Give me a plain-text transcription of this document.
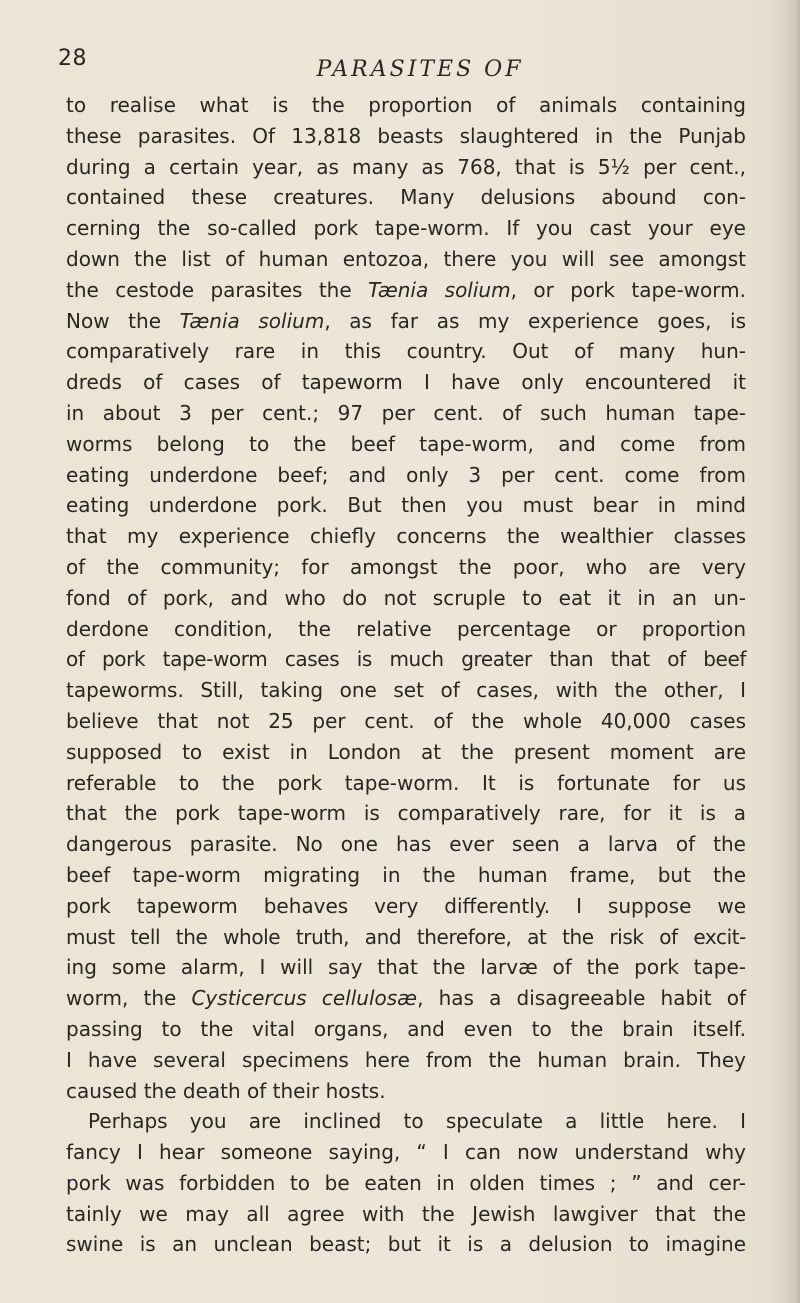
28	PARASITES OF
to realise what is the proportion of animals containing
these parasites. Of 13,818 beasts slaughtered in the Punjab
during a certain year, as many as 768, that is 5½ per cent.,
contained these creatures. Many delusions abound con-
cerning the so-called pork tape-worm. If you cast your eye
down the list of human entozoa, there you will see amongst
the cestode parasites the Tænia solium, or pork tape-worm.
Now the Tænia solium, as far as my experience goes, is
comparatively rare in this country. Out of many hun-
dreds of cases of tapeworm I have only encountered it
in about 3 per cent.; 97 per cent. of such human tape-
worms belong to the beef tape-worm, and come from
eating underdone beef; and only 3 per cent. come from
eating underdone pork. But then you must bear in mind
that my experience chiefly concerns the wealthier classes
of the community; for amongst the poor, who are very
fond of pork, and who do not scruple to eat it in an un-
derdone condition, the relative percentage or proportion
of pork tape-worm cases is much greater than that of beef
tapeworms. Still, taking one set of cases, with the other, I
believe that not 25 per cent. of the whole 40,000 cases
supposed to exist in London at the present moment are
referable to the pork tape-worm. It is fortunate for us
that the pork tape-worm is comparatively rare, for it is a
dangerous parasite. No one has ever seen a larva of the
beef tape-worm migrating in the human frame, but the
pork tapeworm behaves very differently. I suppose we
must tell the whole truth, and therefore, at the risk of excit-
ing some alarm, I will say that the larvæ of the pork tape-
worm, the Cysticercus cellulosæ, has a disagreeable habit of
passing to the vital organs, and even to the brain itself.
I have several specimens here from the human brain. They
caused the death of their hosts.
Perhaps you are inclined to speculate a little here. I
fancy I hear someone saying, “ I can now understand why
pork was forbidden to be eaten in olden times ; ” and cer-
tainly we may all agree with the Jewish lawgiver that the
swine is an unclean beast; but it is a delusion to imagine
